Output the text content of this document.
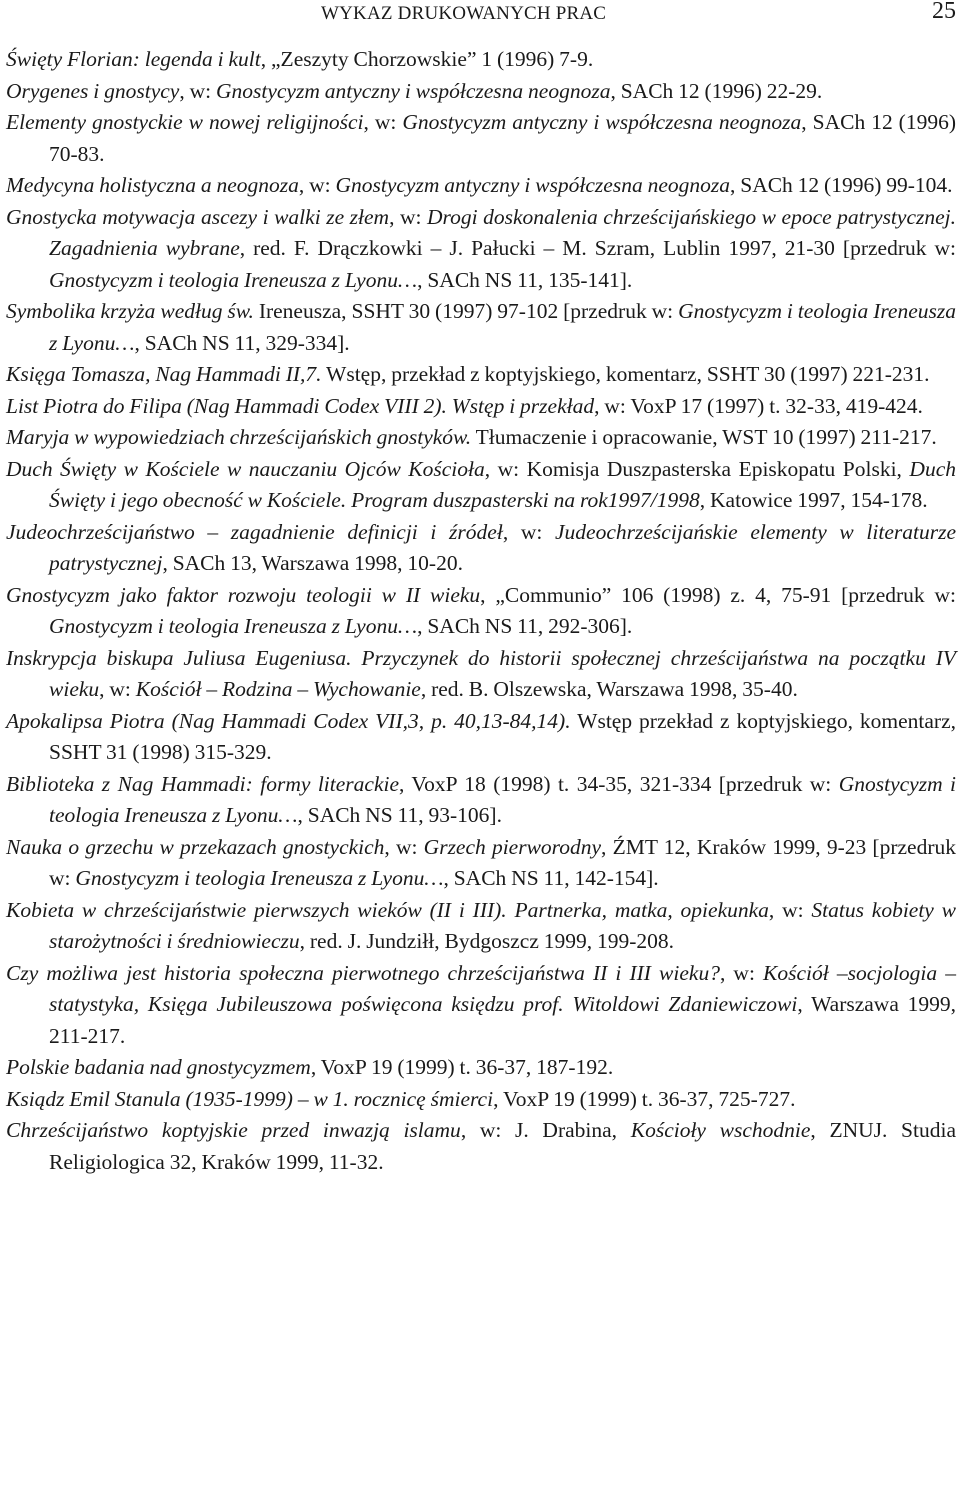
WYKAZ DRUKOWANYCH PRAC	25
Święty Florian: legenda i kult, „Zeszyty Chorzowskie” 1 (1996) 7-9.
Orygenes i gnostycy, w: Gnostycyzm antyczny i współczesna neognoza, SACh 12 (1996) 22-29.
Elementy gnostyckie w nowej religijności, w: Gnostycyzm antyczny i współczesna neognoza, SACh 12 (1996) 70-83.
Medycyna holistyczna a neognoza, w: Gnostycyzm antyczny i współczesna neognoza, SACh 12 (1996) 99-104.
Gnostycka motywacja ascezy i walki ze złem, w: Drogi doskonalenia chrześcijańskiego w epoce patrystycznej. Zagadnienia wybrane, red. F. Drączkowki – J. Pałucki – M. Szram, Lublin 1997, 21-30 [przedruk w: Gnostycyzm i teologia Ireneusza z Lyonu…, SACh NS 11, 135-141].
Symbolika krzyża według św. Ireneusza, SSHT 30 (1997) 97-102 [przedruk w: Gnostycyzm i teologia Ireneusza z Lyonu…, SACh NS 11, 329-334].
Księga Tomasza, Nag Hammadi II,7. Wstęp, przekład z koptyjskiego, komentarz, SSHT 30 (1997) 221-231.
List Piotra do Filipa (Nag Hammadi Codex VIII 2). Wstęp i przekład, w: VoxP 17 (1997) t. 32-33, 419-424.
Maryja w wypowiedziach chrześcijańskich gnostyków. Tłumaczenie i opracowanie, WST 10 (1997) 211-217.
Duch Święty w Kościele w nauczaniu Ojców Kościoła, w: Komisja Duszpasterska Episkopatu Polski, Duch Święty i jego obecność w Kościele. Program duszpasterski na rok1997/1998, Katowice 1997, 154-178.
Judeochrześcijaństwo – zagadnienie definicji i źródeł, w: Judeochrześcijańskie elementy w literaturze patrystycznej, SACh 13, Warszawa 1998, 10-20.
Gnostycyzm jako faktor rozwoju teologii w II wieku, „Communio” 106 (1998) z. 4, 75-91 [przedruk w: Gnostycyzm i teologia Ireneusza z Lyonu…, SACh NS 11, 292-306].
Inskrypcja biskupa Juliusa Eugeniusa. Przyczynek do historii społecznej chrześcijaństwa na początku IV wieku, w: Kościół – Rodzina – Wychowanie, red. B. Olszewska, Warszawa 1998, 35-40.
Apokalipsa Piotra (Nag Hammadi Codex VII,3, p. 40,13-84,14). Wstęp przekład z koptyjskiego, komentarz, SSHT 31 (1998) 315-329.
Biblioteka z Nag Hammadi: formy literackie, VoxP 18 (1998) t. 34-35, 321-334 [przedruk w: Gnostycyzm i teologia Ireneusza z Lyonu…, SACh NS 11, 93-106].
Nauka o grzechu w przekazach gnostyckich, w: Grzech pierworodny, ŹMT 12, Kraków 1999, 9-23 [przedruk w: Gnostycyzm i teologia Ireneusza z Lyonu…, SACh NS 11, 142-154].
Kobieta w chrześcijaństwie pierwszych wieków (II i III). Partnerka, matka, opiekunka, w: Status kobiety w starożytności i średniowieczu, red. J. Jundziłł, Bydgoszcz 1999, 199-208.
Czy możliwa jest historia społeczna pierwotnego chrześcijaństwa II i III wieku?, w: Kościół –socjologia – statystyka, Księga Jubileuszowa poświęcona księdzu prof. Witoldowi Zdaniewiczowi, Warszawa 1999, 211-217.
Polskie badania nad gnostycyzmem, VoxP 19 (1999) t. 36-37, 187-192.
Ksiądz Emil Stanula (1935-1999) – w 1. rocznicę śmierci, VoxP 19 (1999) t. 36-37, 725-727.
Chrześcijaństwo koptyjskie przed inwazją islamu, w: J. Drabina, Kościoły wschodnie, ZNUJ. Studia Religiologica 32, Kraków 1999, 11-32.
